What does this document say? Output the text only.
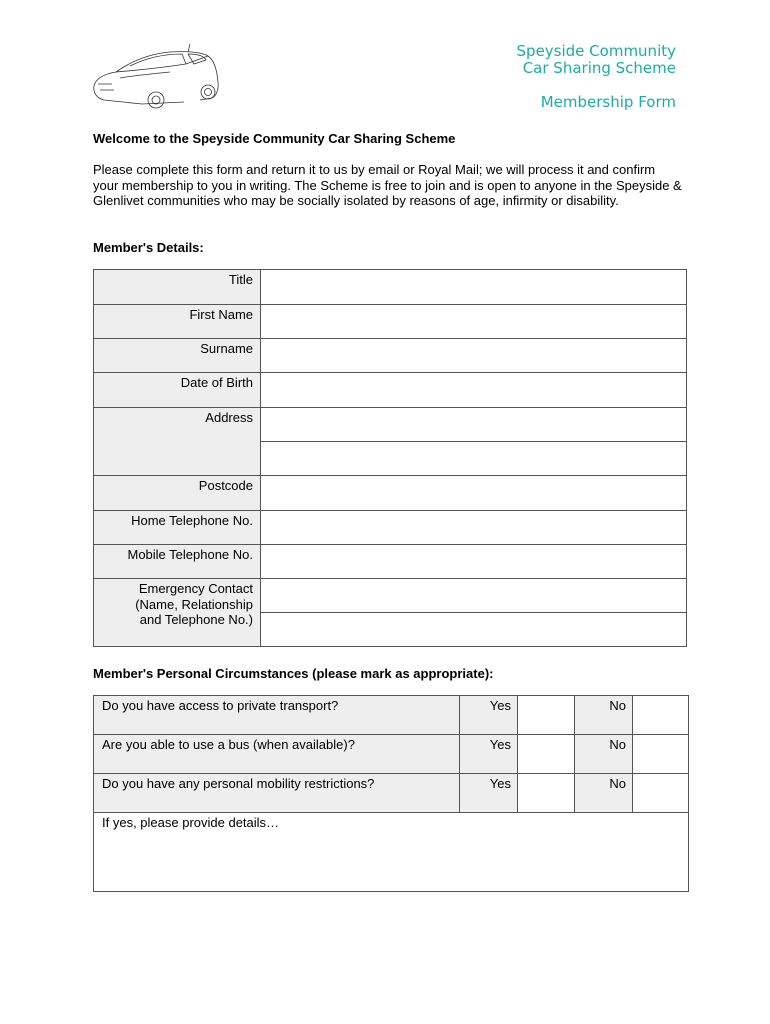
Speyside Community
Car Sharing Scheme
Membership Form
Welcome to the Speyside Community Car Sharing Scheme
Please complete this form and return it to us by email or Royal Mail; we will process it and confirm your membership to you in writing. The Scheme is free to join and is open to anyone in the Speyside & Glenlivet communities who may be socially isolated by reasons of age, infirmity or disability.
Member's Details:
Title	
First Name	
Surname	
Date of Birth	
Address	

Postcode	
Home Telephone No.	
Mobile Telephone No.	

Emergency Contact
(Name, Relationship
and Telephone No.)	

Member's Personal Circumstances (please mark as appropriate):
Do you have access to private transport?	Yes		No	
Are you able to use a bus (when available)?	Yes		No	
Do you have any personal mobility restrictions?	Yes		No	
If yes, please provide details…				
